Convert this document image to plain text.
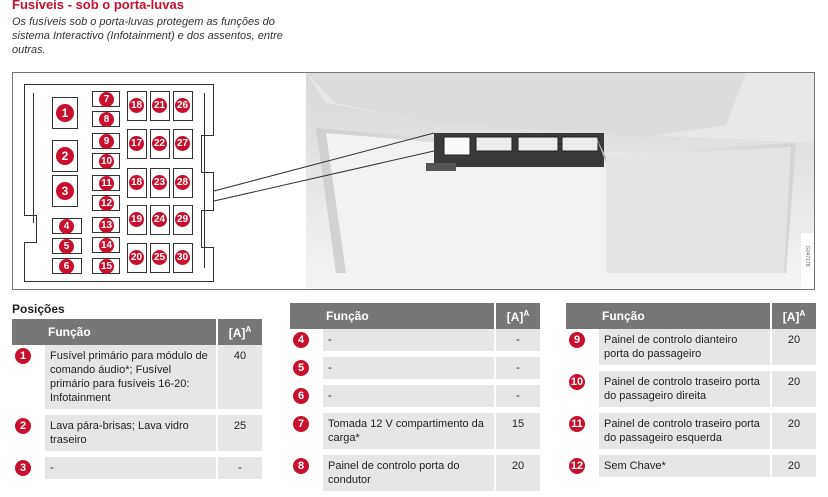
Fusíveis - sob o porta-luvas
Os fusíveis sob o porta-luvas protegem as funções do sistema Interactivo (Infotainment) e dos assentos, entre outras.
1
2
3
4
5
6
7
8
9
10
11
12
13
14
15
18 21 26
17 22 27
18 23 28
19 24 29
20 25 30	G047178
Posições
	Função	$[A]^A$
1	Fusível primário para módulo de comando áudio*; Fusível primário para fusíveis 16-20: Infotainment	40
2	Lava pára-brisas; Lava vidro traseiro	25
3	-	-
	Função	$[A]^A$
4	-	-
5	-	-
6	-	-
7	Tomada 12 V compartimento da carga*	15
8	Painel de controlo porta do condutor	20
	Função	$[A]^A$
9	Painel de controlo dianteiro porta do passageiro	20
10	Painel de controlo traseiro porta do passageiro direita	20
11	Painel de controlo traseiro porta do passageiro esquerda	20
12	Sem Chave*	20
